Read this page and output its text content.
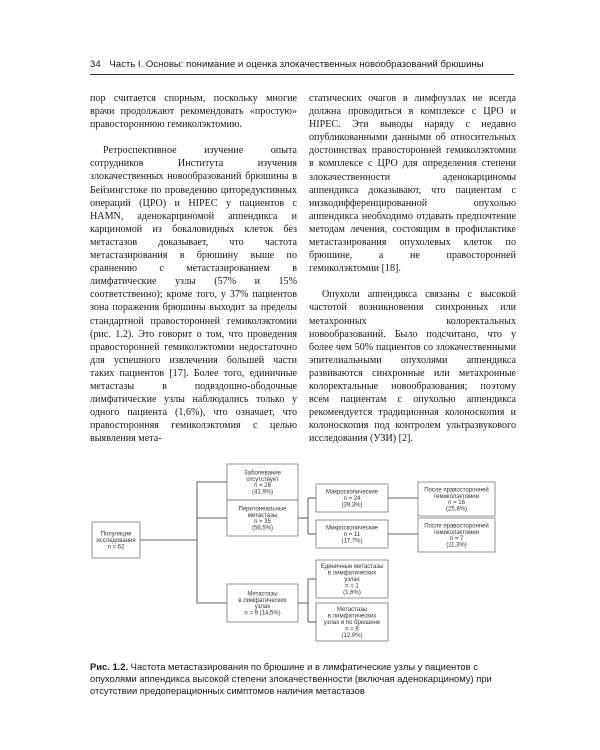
34 Часть I. Основы: понимание и оценка злокачественных новообразований брюшины

пор считается спорным, поскольку многие врачи продолжают рекомендовать «простую» правостороннюю гемиколэктомию.

Ретроспективное изучение опыта сотрудников Института изучения злокачественных новообразований брюшины в Бейзингстоке по проведению циторедуктивных операций (ЦРО) и HIPEC у пациентов с HAMN, аденокарциномой аппендикса и карциномой из бокаловидных клеток без метастазов доказывает, что частота метастазирования в брюшину выше по сравнению с метастазированием в лимфатические узлы (57% и 15% соответственно); кроме того, у 37% пациентов зона поражения брюшины выходит за пределы стандартной правосторонней гемиколэктомии (рис. 1.2). Это говорит о том, что проведения правосторонней гемиколэктомии недостаточно для успешного извлечения большей части таких пациентов [17]. Более того, единичные метастазы в подвздошно-ободочные лимфатические узлы наблюдались только у одного пациента (1,6%), что означает, что правосторонняя гемиколэктомия с целью выявления мета-

статических очагов в лимфоузлах не всегда должна проводиться в комплексе с ЦРО и HIPEC. Эти выводы наряду с недавно опубликованными данными об относительных достоинствах правосторонней гемиколэктомии в комплексе с ЦРО для определения степени злокачественности аденокарциномы аппендикса доказывают, что пациентам с низкодифференцированной опухолью аппендикса необходимо отдавать предпочтение методам лечения, состоящим в профилактике метастазирования опухолевых клеток по брюшине, а не правосторонней гемиколэктомии [18].

Опухоли аппендикса связаны с высокой частотой возникновения синхронных или метахронных колоректальных новообразований. Было подсчитано, что у более чем 50% пациентов со злокачественными эпителиальными опухолями аппендикса развиваются синхронные или метахронные колоректальные новообразования; поэтому всем пациентам с опухолью аппендикса рекомендуется традиционная колоноскопия и колоноскопия под контролем ультразвукового исследования (УЗИ) [2].

Популяция исследования n = 62
Заболевание отсутствует n = 26 (41,9%)
Перитонеальные метастазы n = 35 (56,5%)
Метастазы в лимфатических узлах n = 9 (14,5%)
Макроскопические n = 24 (39,3%)
Микроскопические n = 11 (17,7%)
После правосторонней гемиколэктомии n = 16 (25,8%)
После правосторонней гемиколэктомии n = 7 (11,3%)
Единичные метастазы в лимфатических узлах n = 1 (1,6%)
Метастазы в лимфатических узлах и по брюшине n = 8 (12,9%)
Рис. 1.2. Частота метастазирования по брюшине и в лимфатические узлы у пациентов с опухолями аппендикса высокой степени злокачественности (включая аденокарциному) при отсутствии предоперационных симптомов наличия метастазов
